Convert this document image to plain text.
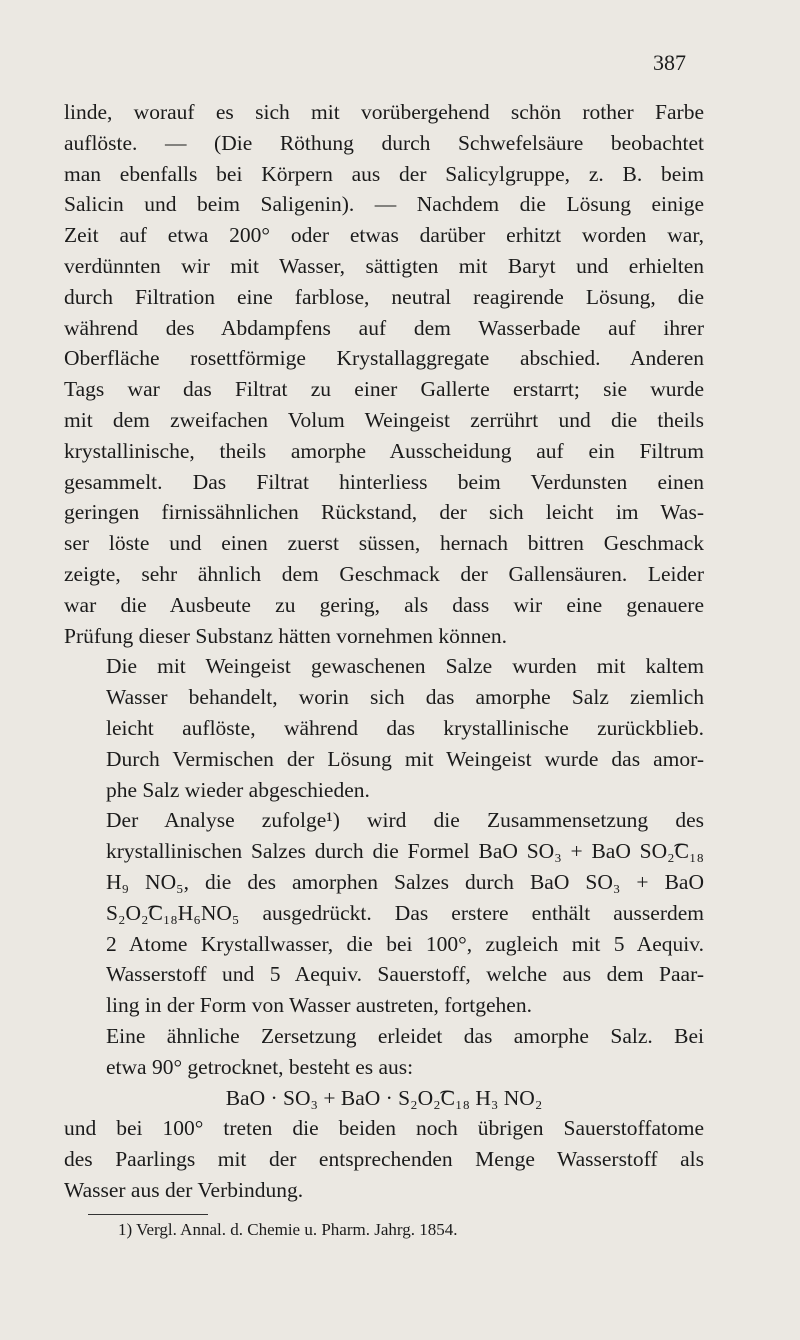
387

linde, worauf es sich mit vorübergehend schön rother Farbe
auflöste. — (Die Röthung durch Schwefelsäure beobachtet
man ebenfalls bei Körpern aus der Salicylgruppe, z. B. beim
Salicin und beim Saligenin). — Nachdem die Lösung einige
Zeit auf etwa 200° oder etwas darüber erhitzt worden war,
verdünnten wir mit Wasser, sättigten mit Baryt und erhielten
durch Filtration eine farblose, neutral reagirende Lösung, die
während des Abdampfens auf dem Wasserbade auf ihrer
Oberfläche rosettförmige Krystallaggregate abschied. Anderen
Tags war das Filtrat zu einer Gallerte erstarrt; sie wurde
mit dem zweifachen Volum Weingeist zerrührt und die theils
krystallinische, theils amorphe Ausscheidung auf ein Filtrum
gesammelt. Das Filtrat hinterliess beim Verdunsten einen
geringen firnissähnlichen Rückstand, der sich leicht im Was-
ser löste und einen zuerst süssen, hernach bittren Geschmack
zeigte, sehr ähnlich dem Geschmack der Gallensäuren. Leider
war die Ausbeute zu gering, als dass wir eine genauere
Prüfung dieser Substanz hätten vornehmen können.

Die mit Weingeist gewaschenen Salze wurden mit kaltem
Wasser behandelt, worin sich das amorphe Salz ziemlich
leicht auflöste, während das krystallinische zurückblieb.
Durch Vermischen der Lösung mit Weingeist wurde das amor-
phe Salz wieder abgeschieden.

Der Analyse zufolge¹) wird die Zusammensetzung des
krystallinischen Salzes durch die Formel BaO SO₃ + BaO SO₂͡C₁₈
H₉ NO₅, die des amorphen Salzes durch BaO SO₃ + BaO
S₂O₂͡C₁₈H₆NO₅ ausgedrückt. Das erstere enthält ausserdem
2 Atome Krystallwasser, die bei 100°, zugleich mit 5 Aequiv.
Wasserstoff und 5 Aequiv. Sauerstoff, welche aus dem Paar-
ling in der Form von Wasser austreten, fortgehen.

Eine ähnliche Zersetzung erleidet das amorphe Salz. Bei
etwa 90° getrocknet, besteht es aus:

BaO · SO₃ + BaO · S₂O₂͡C₁₈ H₃ NO₂
und bei 100° treten die beiden noch übrigen Sauerstoffatome
des Paarlings mit der entsprechenden Menge Wasserstoff als
Wasser aus der Verbindung.

1) Vergl. Annal. d. Chemie u. Pharm. Jahrg. 1854.
